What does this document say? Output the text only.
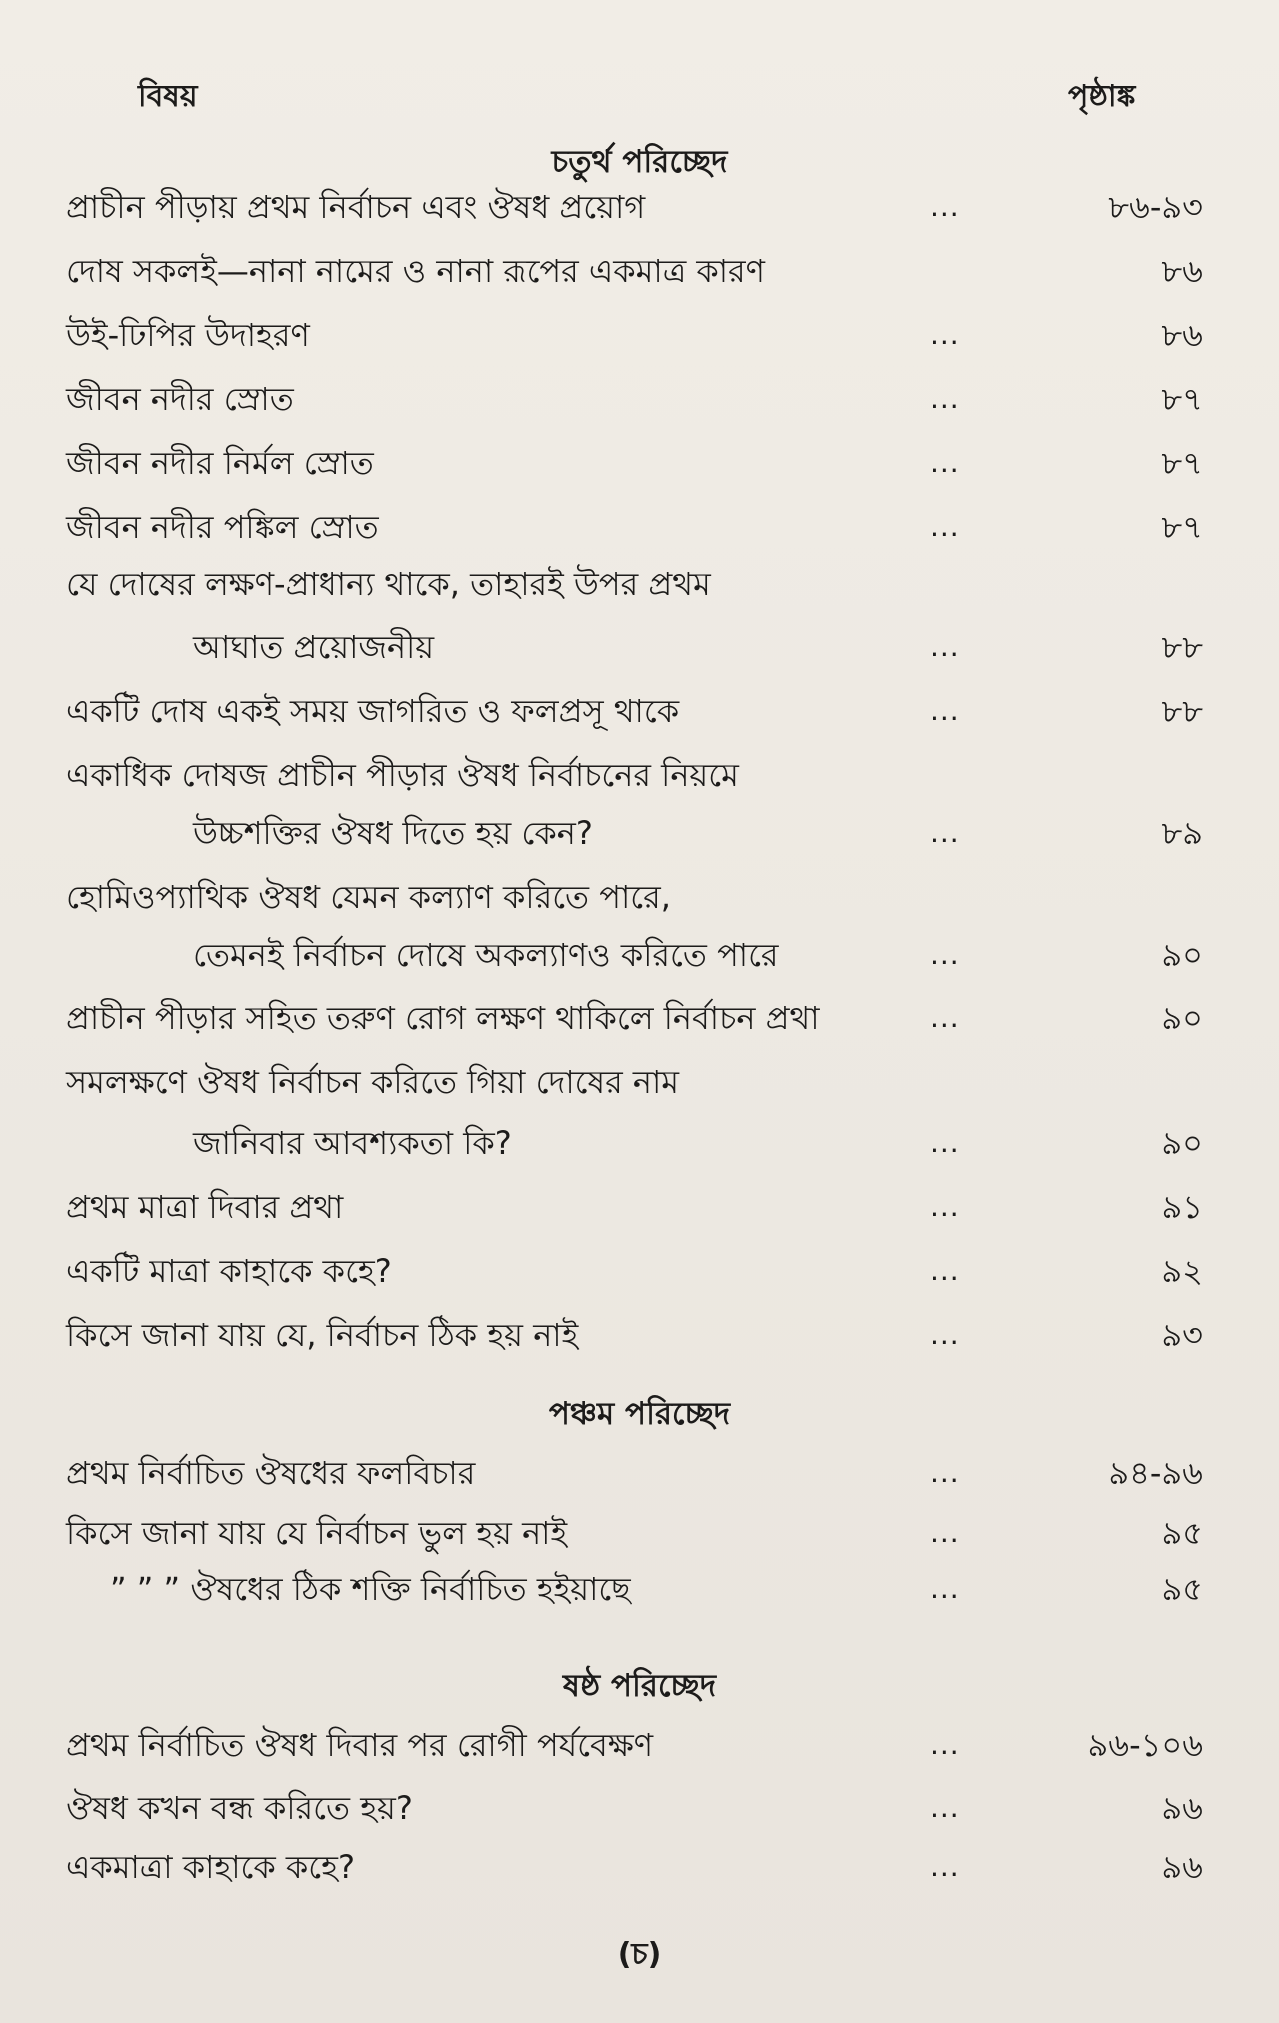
বিষয়	পৃষ্ঠাঙ্ক
চতুর্থ পরিচ্ছেদ
প্রাচীন পীড়ায় প্রথম নির্বাচন এবং ঔষধ প্রয়োগ	...	৮৬-৯৩
দোষ সকলই—নানা নামের ও নানা রূপের একমাত্র কারণ	৮৬
উই-ঢিপির উদাহরণ	...	৮৬
জীবন নদীর স্রোত	...	৮৭
জীবন নদীর নির্মল স্রোত	...	৮৭
জীবন নদীর পঙ্কিল স্রোত	...	৮৭
যে দোষের লক্ষণ-প্রাধান্য থাকে, তাহারই উপর প্রথম
আঘাত প্রয়োজনীয়	...	৮৮
একটি দোষ একই সময় জাগরিত ও ফলপ্রসূ থাকে	...	৮৮
একাধিক দোষজ প্রাচীন পীড়ার ঔষধ নির্বাচনের নিয়মে
উচ্চশক্তির ঔষধ দিতে হয় কেন?	...	৮৯
হোমিওপ্যাথিক ঔষধ যেমন কল্যাণ করিতে পারে,
তেমনই নির্বাচন দোষে অকল্যাণও করিতে পারে	...	৯০
প্রাচীন পীড়ার সহিত তরুণ রোগ লক্ষণ থাকিলে নির্বাচন প্রথা	...	৯০
সমলক্ষণে ঔষধ নির্বাচন করিতে গিয়া দোষের নাম
জানিবার আবশ্যকতা কি?	...	৯০
প্রথম মাত্রা দিবার প্রথা	...	৯১
একটি মাত্রা কাহাকে কহে?	...	৯২
কিসে জানা যায় যে, নির্বাচন ঠিক হয় নাই	...	৯৩
পঞ্চম পরিচ্ছেদ
প্রথম নির্বাচিত ঔষধের ফলবিচার	...	৯৪-৯৬
কিসে জানা যায় যে নির্বাচন ভুল হয় নাই	...	৯৫
” ” ” ঔষধের ঠিক শক্তি নির্বাচিত হইয়াছে	...	৯৫
ষষ্ঠ পরিচ্ছেদ
প্রথম নির্বাচিত ঔষধ দিবার পর রোগী পর্যবেক্ষণ	...	৯৬-১০৬
ঔষধ কখন বন্ধ করিতে হয়?	...	৯৬
একমাত্রা কাহাকে কহে?	...	৯৬
(চ)
